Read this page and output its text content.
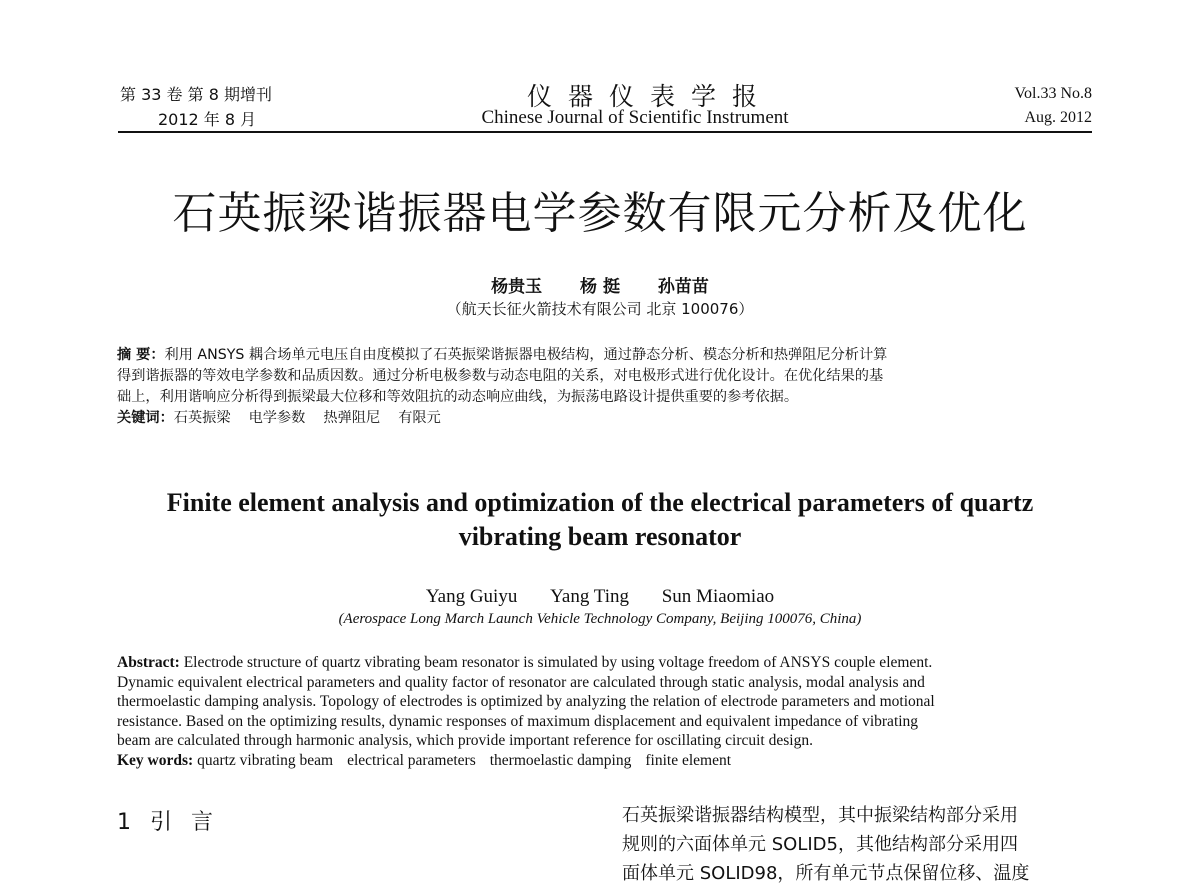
第 33 卷 第 8 期增刊
2012 年 8 月
仪器仪表学报
Chinese Journal of Scientific Instrument
Vol.33 No.8
Aug. 2012
石英振梁谐振器电学参数有限元分析及优化
杨贵玉 杨 挺 孙苗苗
（航天长征火箭技术有限公司 北京 100076）
摘 要：利用 ANSYS 耦合场单元电压自由度模拟了石英振梁谐振器电极结构，通过静态分析、模态分析和热弹阻尼分析计算
得到谐振器的等效电学参数和品质因数。通过分析电极参数与动态电阻的关系，对电极形式进行优化设计。在优化结果的基
础上，利用谐响应分析得到振梁最大位移和等效阻抗的动态响应曲线，为振荡电路设计提供重要的参考依据。
关键词：石英振梁 电学参数 热弹阻尼 有限元
Finite element analysis and optimization of the electrical parameters of quartz
vibrating beam resonator
Yang Guiyu Yang Ting Sun Miaomiao
(Aerospace Long March Launch Vehicle Technology Company, Beijing 100076, China)
Abstract: Electrode structure of quartz vibrating beam resonator is simulated by using voltage freedom of ANSYS couple element.
Dynamic equivalent electrical parameters and quality factor of resonator are calculated through static analysis, modal analysis and
thermoelastic damping analysis. Topology of electrodes is optimized by analyzing the relation of electrode parameters and motional
resistance. Based on the optimizing results, dynamic responses of maximum displacement and equivalent impedance of vibrating
beam are calculated through harmonic analysis, which provide important reference for oscillating circuit design.
Key words: quartz vibrating beam electrical parameters thermoelastic damping finite element
1 引 言	石英振梁谐振器结构模型，其中振梁结构部分采用
规则的六面体单元 SOLID5，其他结构部分采用四
面体单元 SOLID98，所有单元节点保留位移、温度
